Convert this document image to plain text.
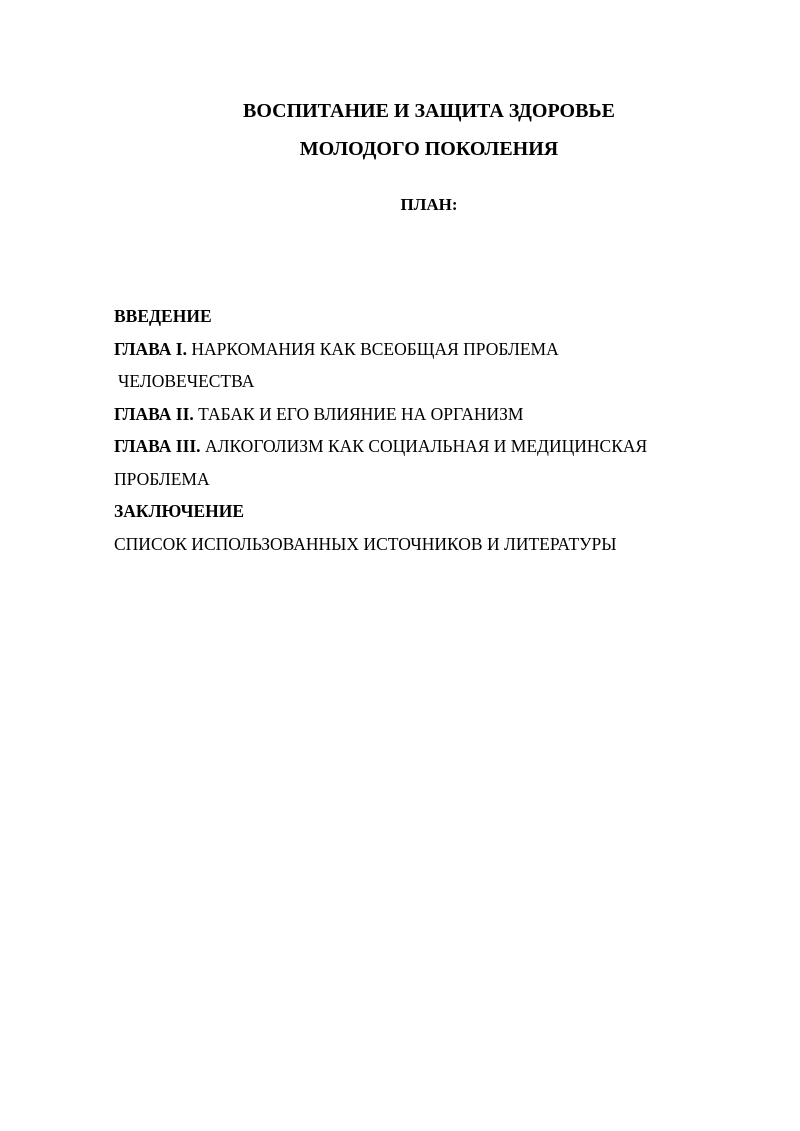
ВОСПИТАНИЕ И ЗАЩИТА ЗДОРОВЬЕ
МОЛОДОГО ПОКОЛЕНИЯ
ПЛАН:
ВВЕДЕНИЕ
ГЛАВА I. НАРКОМАНИЯ КАК ВСЕОБЩАЯ ПРОБЛЕМА
ЧЕЛОВЕЧЕСТВА
ГЛАВА II. ТАБАК И ЕГО ВЛИЯНИЕ НА ОРГАНИЗМ
ГЛАВА III. АЛКОГОЛИЗМ КАК СОЦИАЛЬНАЯ И МЕДИЦИНСКАЯ
ПРОБЛЕМА
ЗАКЛЮЧЕНИЕ
СПИСОК ИСПОЛЬЗОВАННЫХ ИСТОЧНИКОВ И ЛИТЕРАТУРЫ
